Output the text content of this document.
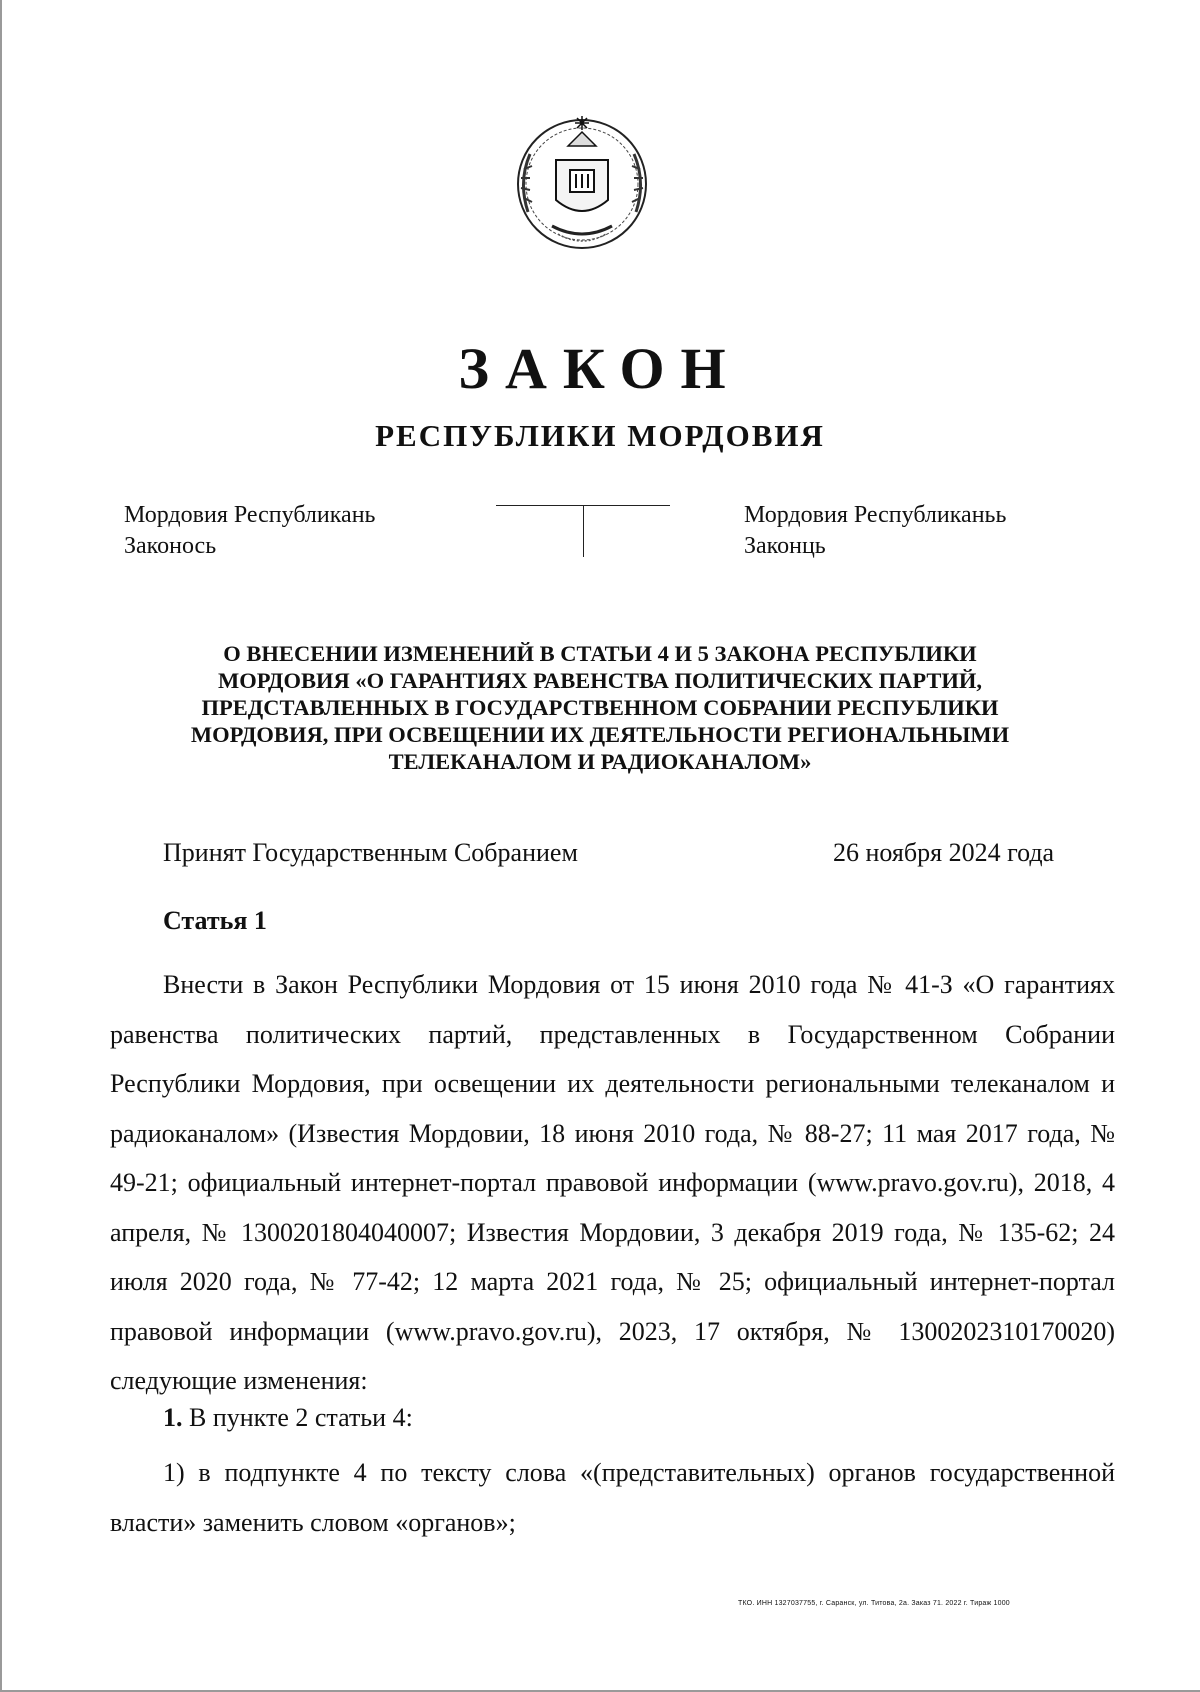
ЗАКОН
РЕСПУБЛИКИ МОРДОВИЯ
Мордовия Республикань
Законось
Мордовия Республиканьь
Законць
О ВНЕСЕНИИ ИЗМЕНЕНИЙ В СТАТЬИ 4 И 5 ЗАКОНА РЕСПУБЛИКИ
МОРДОВИЯ «О ГАРАНТИЯХ РАВЕНСТВА ПОЛИТИЧЕСКИХ ПАРТИЙ,
ПРЕДСТАВЛЕННЫХ В ГОСУДАРСТВЕННОМ СОБРАНИИ РЕСПУБЛИКИ
МОРДОВИЯ, ПРИ ОСВЕЩЕНИИ ИХ ДЕЯТЕЛЬНОСТИ РЕГИОНАЛЬНЫМИ
ТЕЛЕКАНАЛОМ И РАДИОКАНАЛОМ»
Принят Государственным Собранием	26 ноября 2024 года
Статья 1

Внести в Закон Республики Мордовия от 15 июня 2010 года № 41-З «О гарантиях равенства политических партий, представленных в Государственном Собрании Республики Мордовия, при освещении их деятельности региональными телеканалом и радиоканалом» (Известия Мордовии, 18 июня 2010 года, № 88-27; 11 мая 2017 года, № 49-21; официальный интернет-портал правовой информации (www.pravo.gov.ru), 2018, 4 апреля, № 1300201804040007; Известия Мордовии, 3 декабря 2019 года, № 135-62; 24 июля 2020 года, № 77-42; 12 марта 2021 года, № 25; официальный интернет-портал правовой информации (www.pravo.gov.ru), 2023, 17 октября, № 1300202310170020) следующие изменения:

1. В пункте 2 статьи 4:

1) в подпункте 4 по тексту слова «(представительных) органов государственной власти» заменить словом «органов»;

ТКО. ИНН 1327037755, г. Саранск, ул. Титова, 2а. Заказ 71. 2022 г. Тираж 1000
